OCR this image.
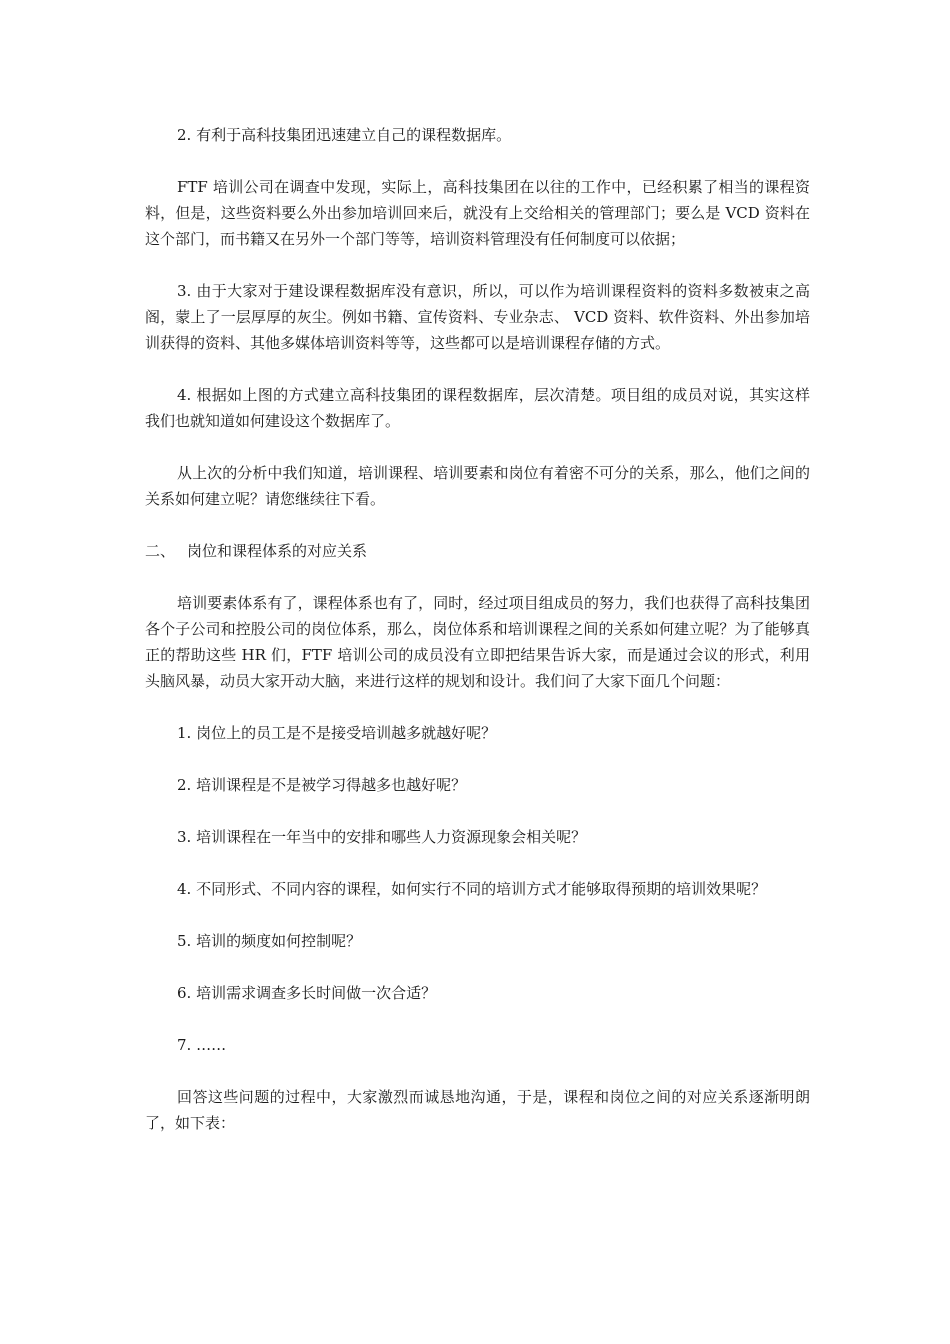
2. 有利于高科技集团迅速建立自己的课程数据库。

FTF 培训公司在调查中发现，实际上，高科技集团在以往的工作中，已经积累了相当的课程资料，但是，这些资料要么外出参加培训回来后，就没有上交给相关的管理部门；要么是 VCD 资料在这个部门，而书籍又在另外一个部门等等，培训资料管理没有任何制度可以依据；

3. 由于大家对于建设课程数据库没有意识，所以，可以作为培训课程资料的资料多数被束之高阁，蒙上了一层厚厚的灰尘。例如书籍、宣传资料、专业杂志、 VCD 资料、软件资料、外出参加培训获得的资料、其他多媒体培训资料等等，这些都可以是培训课程存储的方式。

4. 根据如上图的方式建立高科技集团的课程数据库，层次清楚。项目组的成员对说，其实这样我们也就知道如何建设这个数据库了。

从上次的分析中我们知道，培训课程、培训要素和岗位有着密不可分的关系，那么，他们之间的关系如何建立呢？请您继续往下看。

二、 岗位和课程体系的对应关系

培训要素体系有了，课程体系也有了，同时，经过项目组成员的努力，我们也获得了高科技集团各个子公司和控股公司的岗位体系，那么，岗位体系和培训课程之间的关系如何建立呢？为了能够真正的帮助这些 HR 们，FTF 培训公司的成员没有立即把结果告诉大家，而是通过会议的形式，利用头脑风暴，动员大家开动大脑，来进行这样的规划和设计。我们问了大家下面几个问题：

1. 岗位上的员工是不是接受培训越多就越好呢？

2. 培训课程是不是被学习得越多也越好呢？

3. 培训课程在一年当中的安排和哪些人力资源现象会相关呢？

4. 不同形式、不同内容的课程，如何实行不同的培训方式才能够取得预期的培训效果呢？

5. 培训的频度如何控制呢？

6. 培训需求调查多长时间做一次合适？

7. ……

回答这些问题的过程中，大家激烈而诚恳地沟通，于是，课程和岗位之间的对应关系逐渐明朗了，如下表：
